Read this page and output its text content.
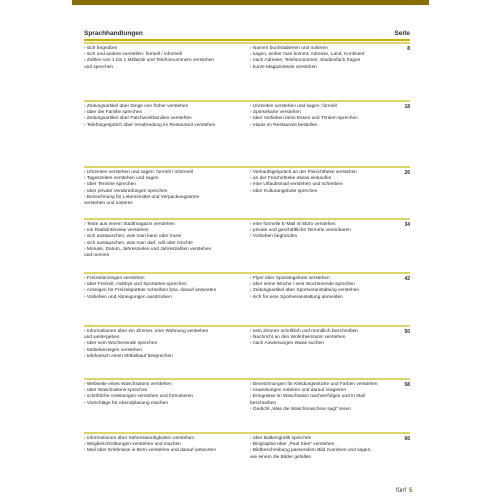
Sprachhandlungen	Seite
› sich begrüßen
› sich und andere vorstellen: formell / informell
› Zahlen von 1 bis 1 Milliarde und Telefonnummern verstehen
und sprechen
› Namen buchstabieren und notieren
› sagen, woher man kommt: Adresse, Land, Kontinent
› nach Adresse, Telefonnummer, Studienfach fragen
› kurze Magazintexte verstehen
8
› Zeitungsartikel über Dinge von früher verstehen
› über die Familie sprechen
› Zeitungsartikel über Patchworkfamilien verstehen
› Telefongespräch über Verabredung im Restaurant verstehen
› Uhrzeiten verstehen und sagen: formell
› Speisekarte verstehen
› über Vorlieben beim Essen und Trinken sprechen
› etwas im Restaurant bestellen
18
› Uhrzeiten verstehen und sagen: formell / informell
› Tageszeiten verstehen und sagen
› über Termine sprechen
› über private Verabredungen sprechen
› Bezeichnung für Lebensmittel und Verpackungsarten
verstehen und notieren
› Verkaufsgespräch an der Fleischtheke verstehen
› an der Frischetheke etwas einkaufen
› eine Urlaubsmail verstehen und schreiben
› über Kulturangebote sprechen
26
› Texte aus einem Stadtmagazin verstehen
› ein Radiointerview verstehen
› sich austauschen, was man kann oder muss
› sich austauschen, was man darf, will oder möchte
› Monate, Datum, Jahreszeiten und Jahreszahlen verstehen
und nennen
› eine formelle E-Mail im Büro verstehen
› private und geschäftliche Termine vereinbaren
› Vorlieben begründen
34
› Freizeitanzeigen verstehen
› über Freizeit, Hobbys und Sportarten sprechen
› Anzeigen für Freizeitpartner schreiben bzw. darauf antworten
› Vorlieben und Abneigungen ausdrücken
› Flyer über Sportangebote verstehen
› über seine Woche / sein Wochenende sprechen
› Zeitungsartikel über Sportveranstaltung verstehen
› sich für eine Sportveranstaltung anmelden
42
› Informationen über ein Zimmer, eine Wohnung verstehen
und weitergeben
› über sein Wochenende sprechen
› Möbelanzeigen verstehen
› telefonisch einen Möbelkauf besprechen
› sein Zimmer schriftlich und mündlich beschreiben
› Nachricht an den Wohnheimtutor verstehen
› nach Anweisungen etwas suchen
50
› Webseite eines Waschsalons verstehen
› über Waschsalons sprechen
› schriftliche Anleitungen verstehen und formulieren
› Vorschläge für Abendplanung machen
› Bezeichnungen für Kleidungsstücke und Farben verstehen
› Anweisungen notieren und darauf reagieren
› Ereignisse im Waschsalon nachverfolgen und in Mail
beschreiben
› Gedicht „Was die Waschmaschine sagt" lesen
58
› Informationen über Sehenswürdigkeiten verstehen
› Wegbeschreibungen verstehen und machen
› Mail über Erlebnisse in Bern verstehen und darauf antworten
› über Balkengrafik sprechen
› Biographie über „Paul Klee" verstehen
› Bildbeschreibung passendem Bild zuordnen und sagen,
wie einem die Bilder gefallen
66
fünf 5
